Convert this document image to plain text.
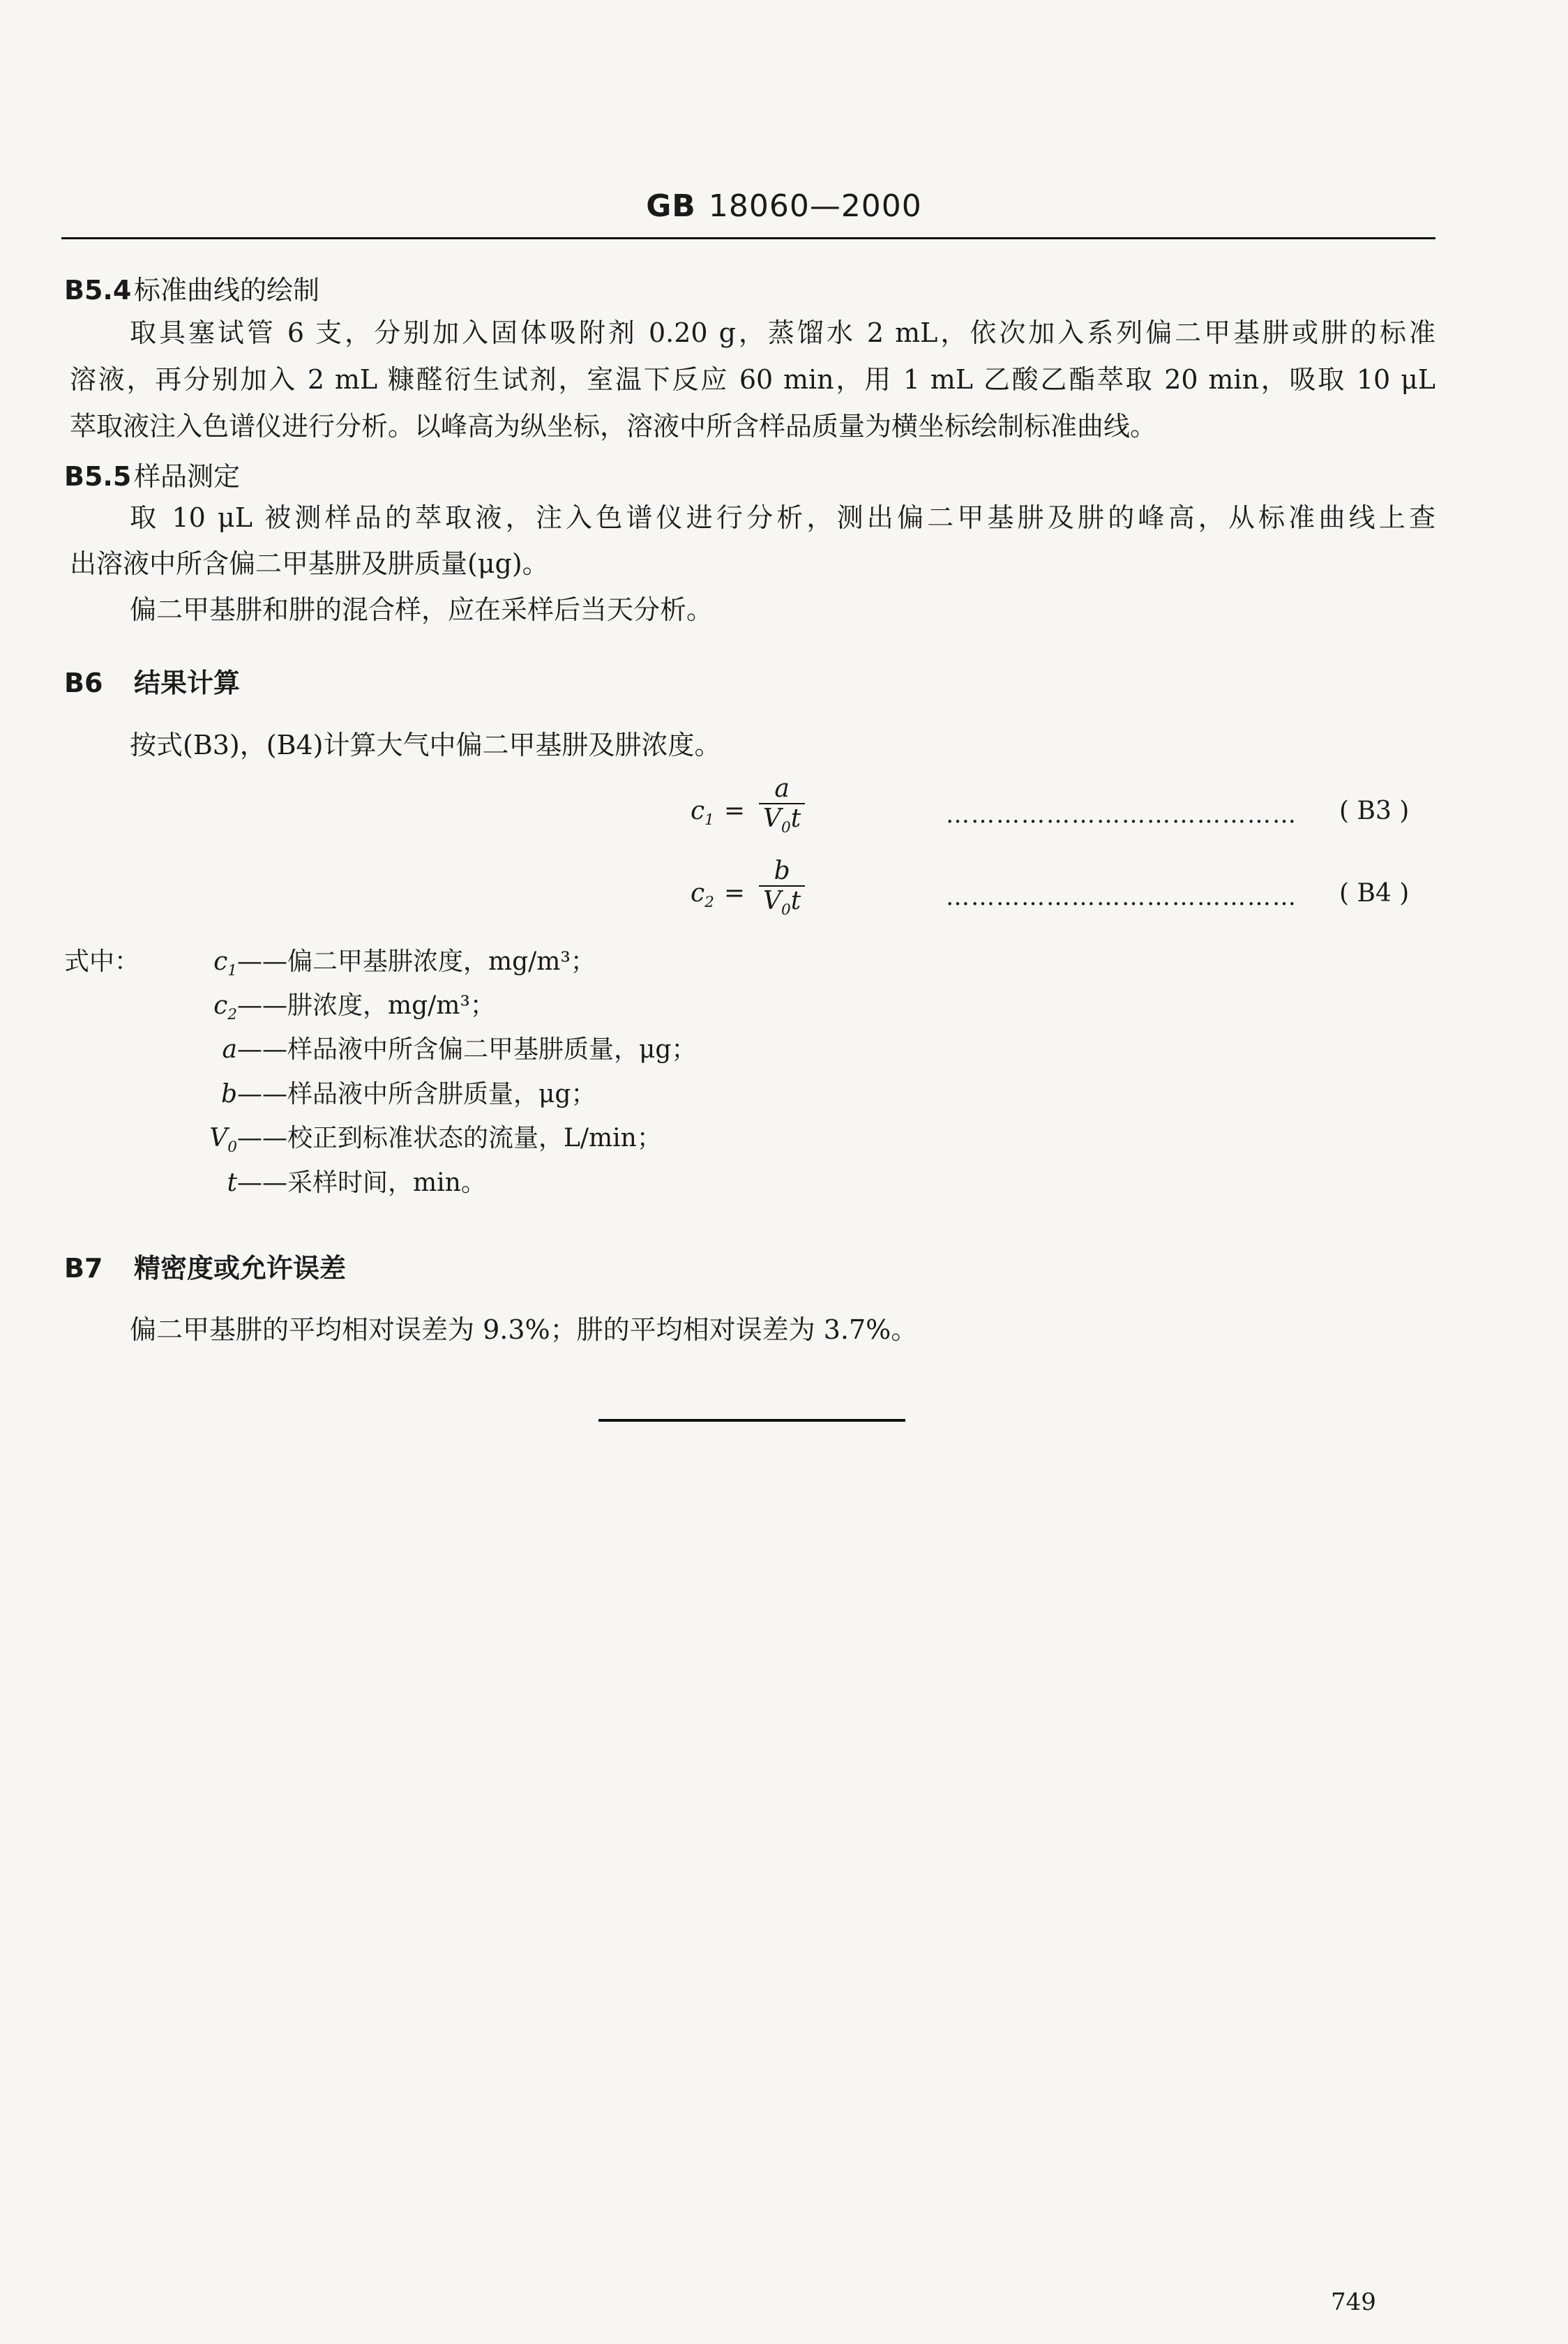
GB 18060—2000
B5.4标准曲线的绘制
取具塞试管 6 支，分别加入固体吸附剂 0.20 g，蒸馏水 2 mL，依次加入系列偏二甲基肼或肼的标准
溶液，再分别加入 2 mL 糠醛衍生试剂，室温下反应 60 min，用 1 mL 乙酸乙酯萃取 20 min，吸取 10 μL
萃取液注入色谱仪进行分析。以峰高为纵坐标，溶液中所含样品质量为横坐标绘制标准曲线。
B5.5样品测定
取 10 μL 被测样品的萃取液，注入色谱仪进行分析，测出偏二甲基肼及肼的峰高，从标准曲线上查
出溶液中所含偏二甲基肼及肼质量(μg)。
偏二甲基肼和肼的混合样，应在采样后当天分析。
B6 结果计算
按式(B3)，(B4)计算大气中偏二甲基肼及肼浓度。
$c_1 = \frac{a}{V_0t}$	…………………………………… ( B3 )
$c_2 = \frac{b}{V_0t}$	…………………………………… ( B4 )
式中：	$c_1——$偏二甲基肼浓度，mg/m³；
$c_2——$肼浓度，mg/m³；
a——样品液中所含偏二甲基肼质量，μg；
b——样品液中所含肼质量，μg；
$V_0——$校正到标准状态的流量，L/min；
t——采样时间，min。
B7 精密度或允许误差
偏二甲基肼的平均相对误差为 9.3%；肼的平均相对误差为 3.7%。
749
